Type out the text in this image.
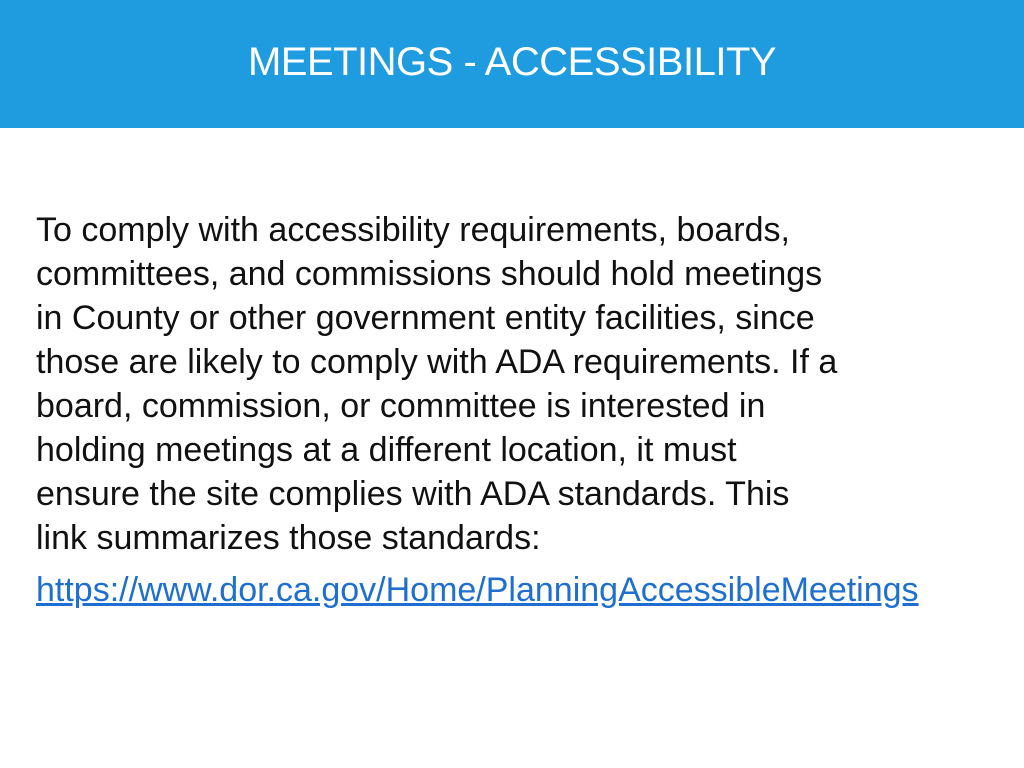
MEETINGS - ACCESSIBILITY

To comply with accessibility requirements, boards,
committees, and commissions should hold meetings
in County or other government entity facilities, since
those are likely to comply with ADA requirements. If a
board, commission, or committee is interested in
holding meetings at a different location, it must
ensure the site complies with ADA standards. This
link summarizes those standards:

https://www.dor.ca.gov/Home/PlanningAccessibleMeetings
